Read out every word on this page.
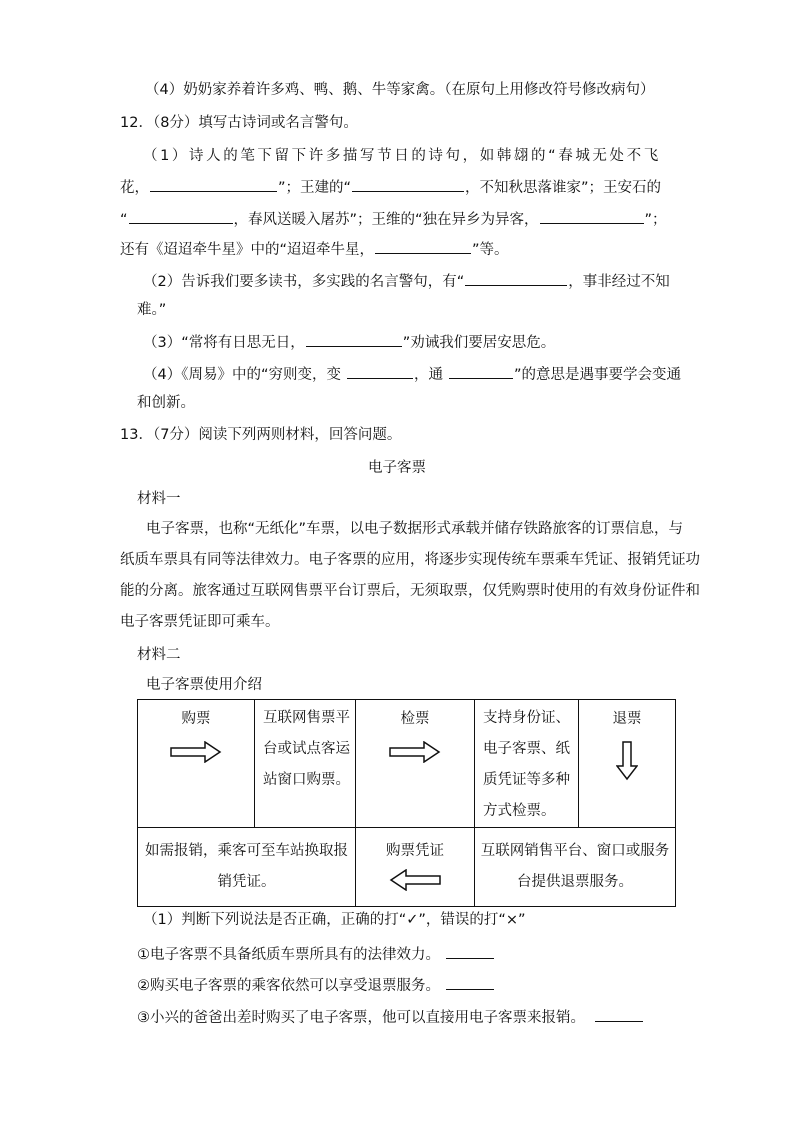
（4）奶奶家养着许多鸡、鸭、鹅、牛等家禽。（在原句上用修改符号修改病句）
12．（8分）填写古诗词或名言警句。
（1）诗人的笔下留下许多描写节日的诗句，如韩翃的“春城无处不飞
花，	”；王建的“	，不知秋思落谁家”；王安石的
“	，春风送暖入屠苏”；王维的“独在异乡为异客，	”；
还有《迢迢牵牛星》中的“迢迢牵牛星，	”等。
（2）告诉我们要多读书，多实践的名言警句，有“	，事非经过不知
难。”
（3）“常将有日思无日，	”劝诫我们要居安思危。
（4）《周易》中的“穷则变，变	，通	”的意思是遇事要学会变通
和创新。
13．（7分）阅读下列两则材料，回答问题。
电子客票
材料一
电子客票，也称“无纸化”车票，以电子数据形式承载并储存铁路旅客的订票信息，与
纸质车票具有同等法律效力。电子客票的应用，将逐步实现传统车票乘车凭证、报销凭证功
能的分离。旅客通过互联网售票平台订票后，无须取票，仅凭购票时使用的有效身份证件和
电子客票凭证即可乘车。
材料二
电子客票使用介绍
购票	互联网售票平台或试点客运站窗口购票。	检票	支持身份证、电子客票、纸质凭证等多种方式检票。	退票

如需报销，乘客可至车站换取报销凭证。		购票凭证	互联网销售平台、窗口或服务台提供退票服务。	
（1）判断下列说法是否正确，正确的打“✓”，错误的打“×”
①电子客票不具备纸质车票所具有的法律效力。
②购买电子客票的乘客依然可以享受退票服务。
③小兴的爸爸出差时购买了电子客票，他可以直接用电子客票来报销。
